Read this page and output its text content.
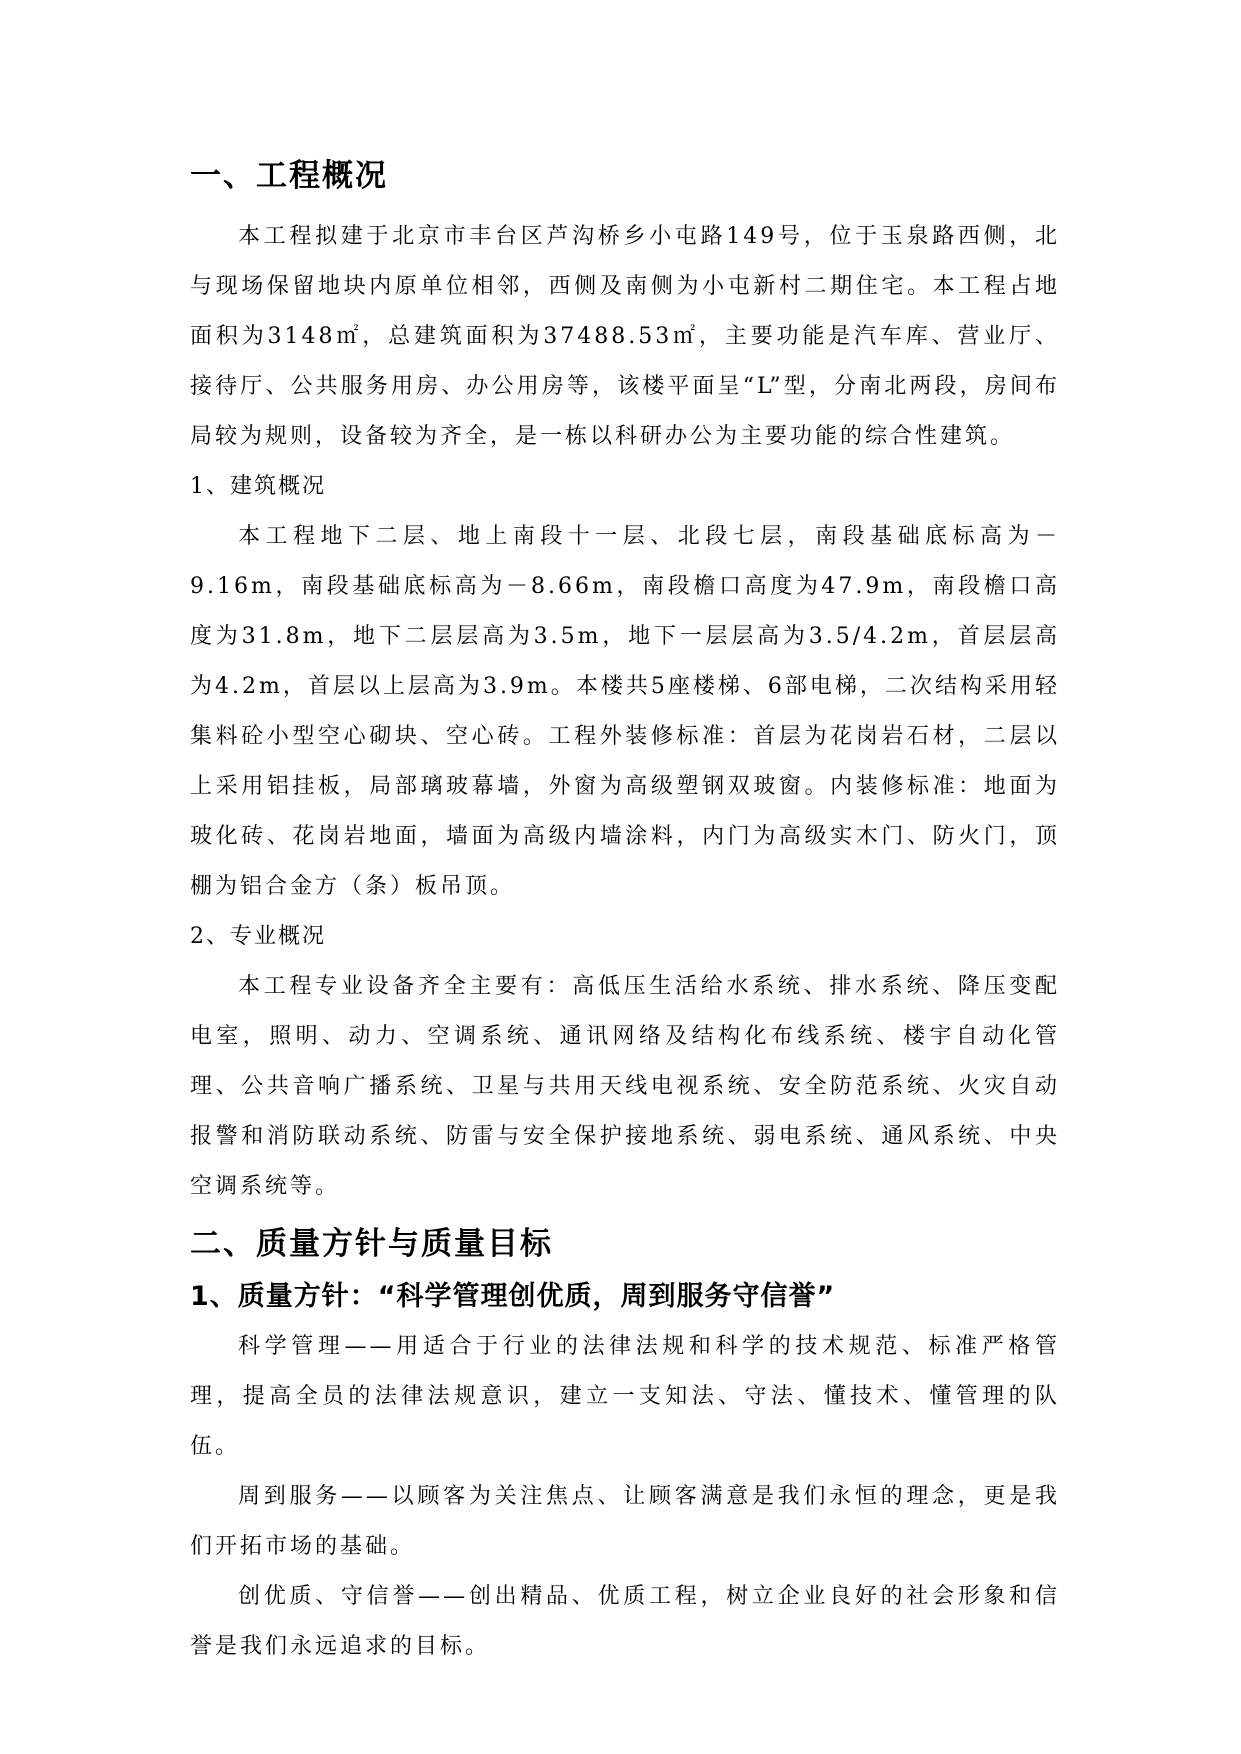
一、工程概况

本工程拟建于北京市丰台区芦沟桥乡小屯路149号，位于玉泉路西侧，北与现场保留地块内原单位相邻，西侧及南侧为小屯新村二期住宅。本工程占地面积为3148㎡，总建筑面积为37488.53㎡，主要功能是汽车库、营业厅、接待厅、公共服务用房、办公用房等，该楼平面呈“L”型，分南北两段，房间布局较为规则，设备较为齐全，是一栋以科研办公为主要功能的综合性建筑。

1、建筑概况

本工程地下二层、地上南段十一层、北段七层，南段基础底标高为－9.16m，南段基础底标高为－8.66m，南段檐口高度为47.9m，南段檐口高度为31.8m，地下二层层高为3.5m，地下一层层高为3.5/4.2m，首层层高为4.2m，首层以上层高为3.9m。本楼共5座楼梯、6部电梯，二次结构采用轻集料砼小型空心砌块、空心砖。工程外装修标准：首层为花岗岩石材，二层以上采用铝挂板，局部璃玻幕墙，外窗为高级塑钢双玻窗。内装修标准：地面为玻化砖、花岗岩地面，墙面为高级内墙涂料，内门为高级实木门、防火门，顶棚为铝合金方（条）板吊顶。

2、专业概况

本工程专业设备齐全主要有：高低压生活给水系统、排水系统、降压变配电室，照明、动力、空调系统、通讯网络及结构化布线系统、楼宇自动化管理、公共音响广播系统、卫星与共用天线电视系统、安全防范系统、火灾自动报警和消防联动系统、防雷与安全保护接地系统、弱电系统、通风系统、中央空调系统等。

二、质量方针与质量目标
1、质量方针：“科学管理创优质，周到服务守信誉”

科学管理——用适合于行业的法律法规和科学的技术规范、标准严格管理，提高全员的法律法规意识，建立一支知法、守法、懂技术、懂管理的队伍。

周到服务——以顾客为关注焦点、让顾客满意是我们永恒的理念，更是我们开拓市场的基础。

创优质、守信誉——创出精品、优质工程，树立企业良好的社会形象和信誉是我们永远追求的目标。
